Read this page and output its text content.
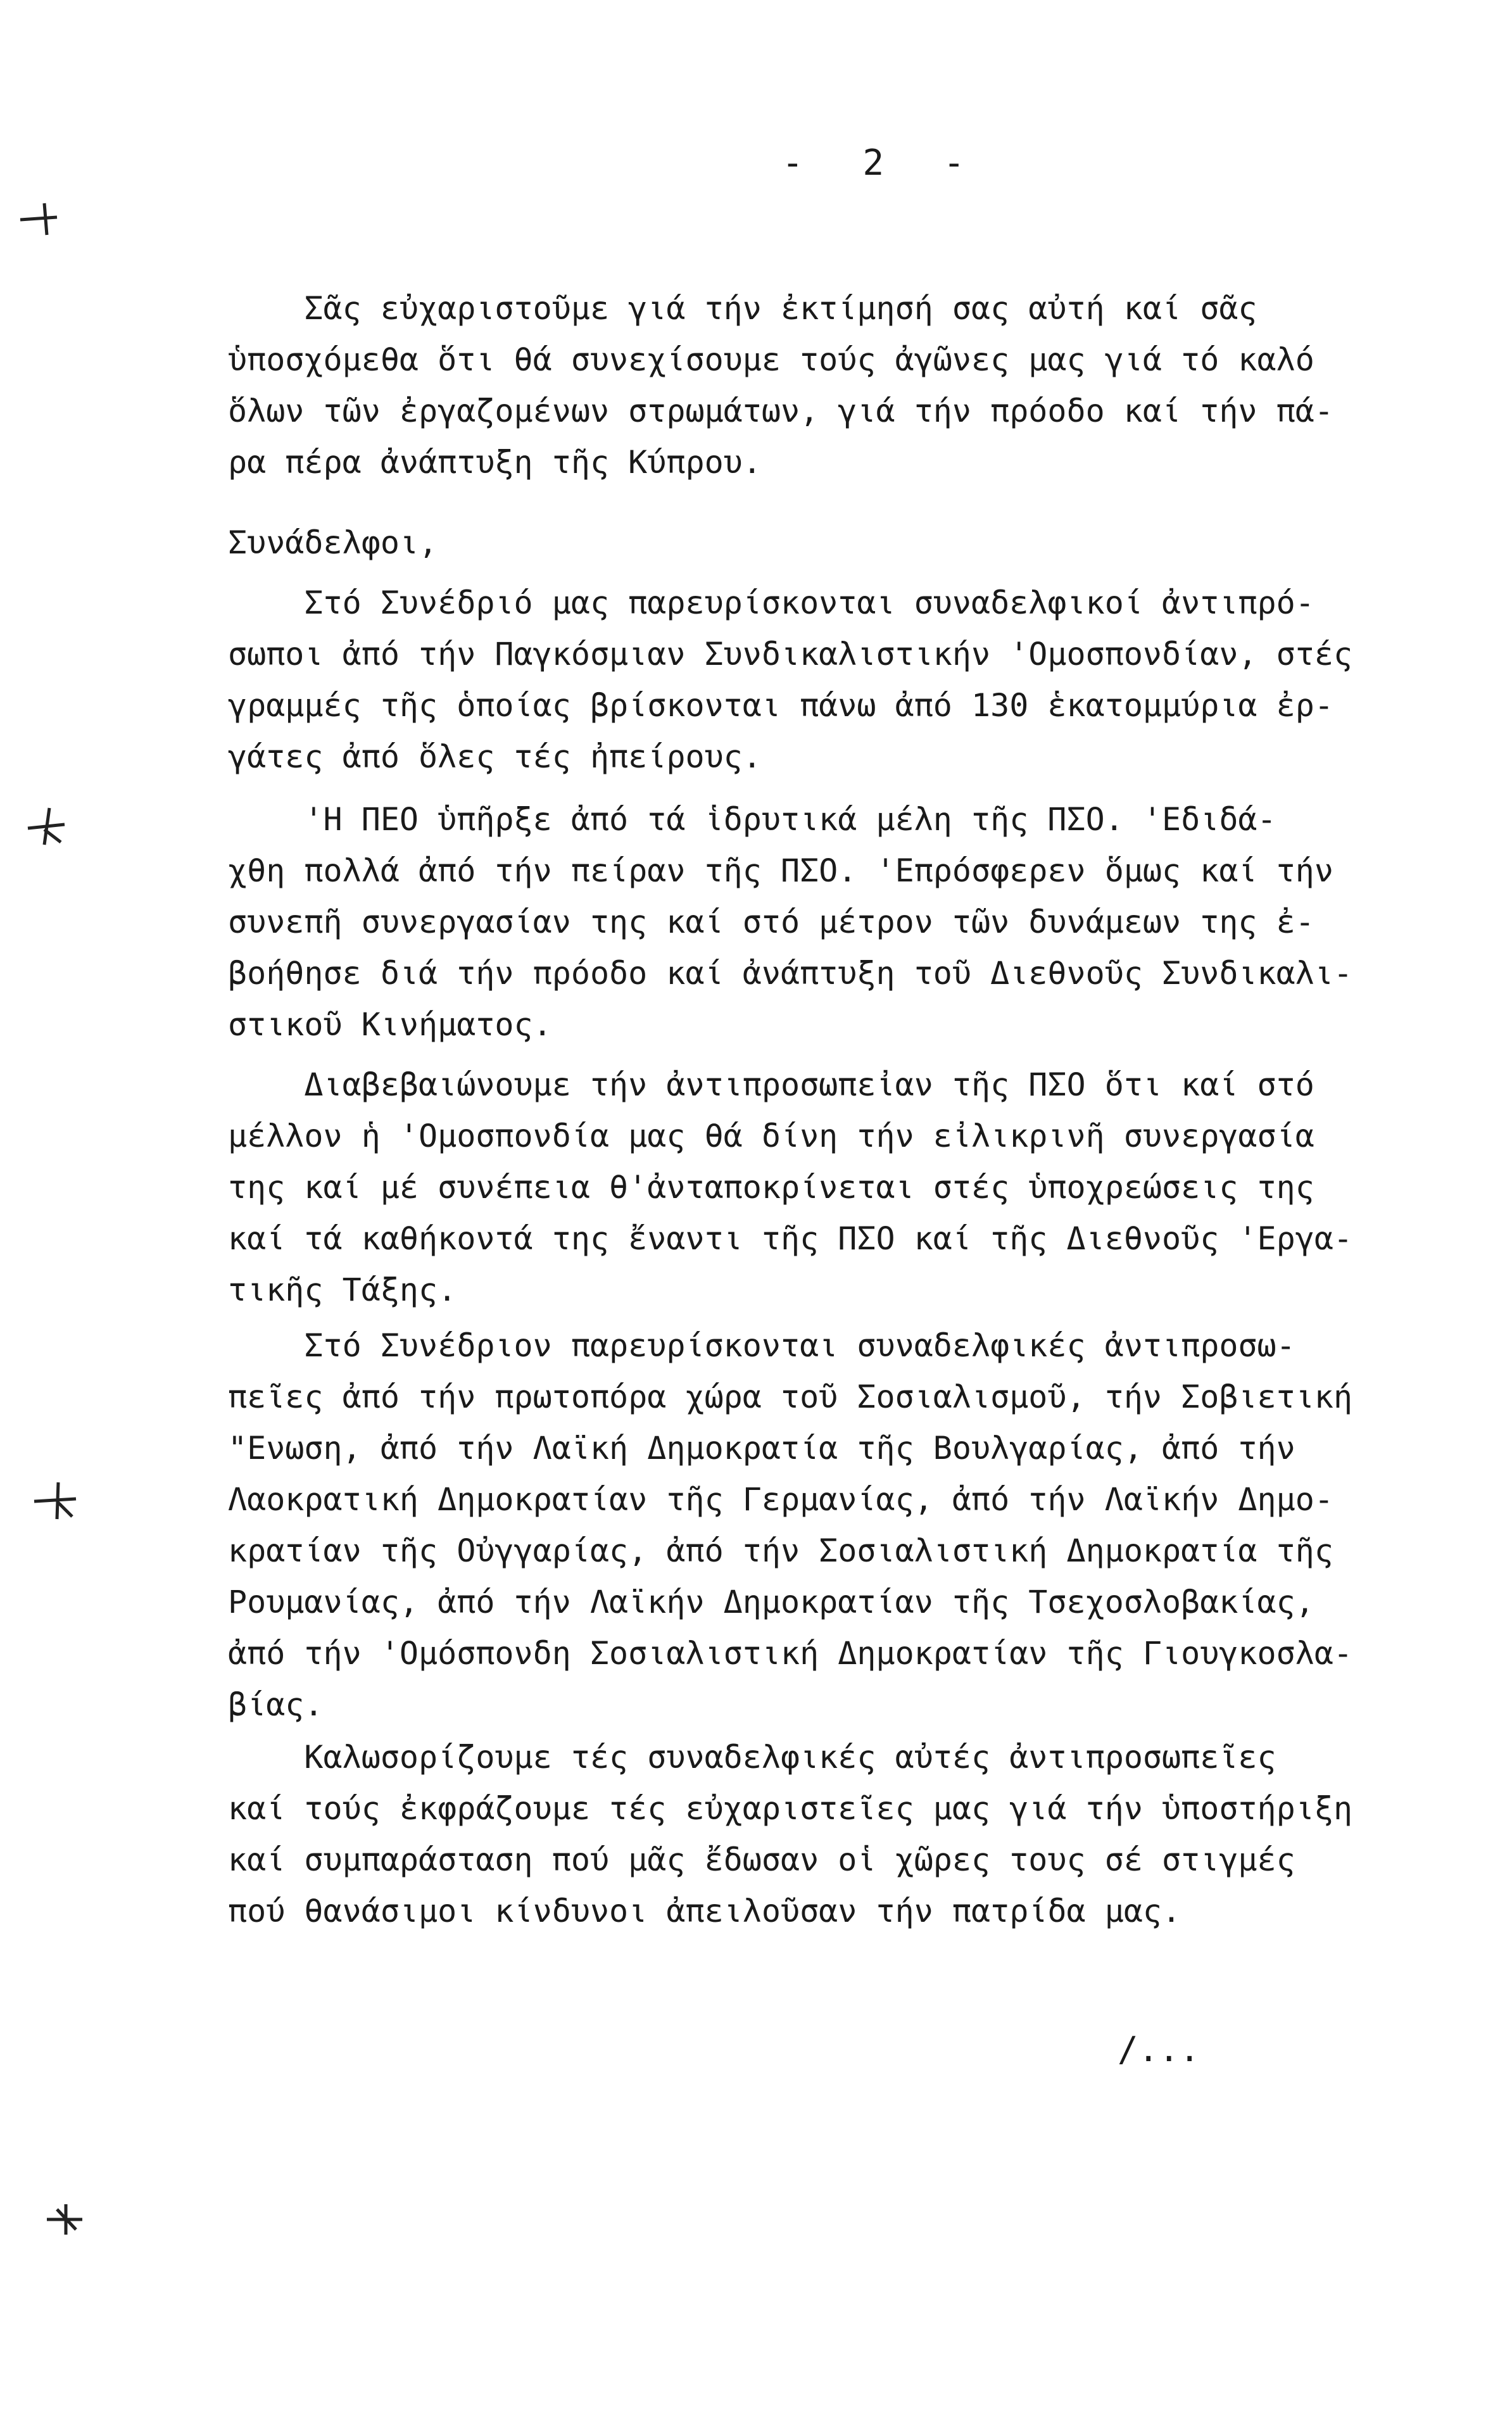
- 2 -
Σᾶς εὐχαριστοῦμε γιά τήν ἐκτίμησή σας αὐτή καί σᾶς
ὑποσχόμεθα ὅτι θά συνεχίσουμε τούς ἀγῶνες μας γιά τό καλό
ὅλων τῶν ἐργαζομένων στρωμάτων, γιά τήν πρόοδο καί τήν πά-
ρα πέρα ἀνάπτυξη τῆς Κύπρου.
Συνάδελφοι,
Στό Συνέδριό μας παρευρίσκονται συναδελφικοί ἀντιπρό-
σωποι ἀπό τήν Παγκόσμιαν Συνδικαλιστικήν 'Ομοσπονδίαν, στές
γραμμές τῆς ὁποίας βρίσκονται πάνω ἀπό 130 ἑκατομμύρια ἐρ-
γάτες ἀπό ὅλες τές ἠπείρους.
'Η ΠΕΟ ὑπῆρξε ἀπό τά ἱδρυτικά μέλη τῆς ΠΣΟ. 'Εδιδά-
χθη πολλά ἀπό τήν πείραν τῆς ΠΣΟ. 'Επρόσφερεν ὅμως καί τήν
συνεπῆ συνεργασίαν της καί στό μέτρον τῶν δυνάμεων της ἐ-
βοήθησε διά τήν πρόοδο καί ἀνάπτυξη τοῦ Διεθνοῦς Συνδικαλι-
στικοῦ Κινήματος.
Διαβεβαιώνουμε τήν ἀντιπροσωπεἰαν τῆς ΠΣΟ ὅτι καί στό
μέλλον ἡ 'Ομοσπονδία μας θά δίνη τήν εἰλικρινῆ συνεργασία
της καί μέ συνέπεια θ'ἀνταποκρίνεται στές ὑποχρεώσεις της
καί τά καθήκοντά της ἔναντι τῆς ΠΣΟ καί τῆς Διεθνοῦς 'Εργα-
τικῆς Τάξης.
Στό Συνέδριον παρευρίσκονται συναδελφικές ἀντιπροσω-
πεῖες ἀπό τήν πρωτοπόρα χώρα τοῦ Σοσιαλισμοῦ, τήν Σοβιετική
"Ενωση, ἀπό τήν Λαϊκή Δημοκρατία τῆς Βουλγαρίας, ἀπό τήν
Λαοκρατική Δημοκρατίαν τῆς Γερμανίας, ἀπό τήν Λαϊκήν Δημο-
κρατίαν τῆς Οὐγγαρίας, ἀπό τήν Σοσιαλιστική Δημοκρατία τῆς
Ρουμανίας, ἀπό τήν Λαϊκήν Δημοκρατίαν τῆς Τσεχοσλοβακίας,
ἀπό τήν 'Ομόσπονδη Σοσιαλιστική Δημοκρατίαν τῆς Γιουγκοσλα-
βίας.
Καλωσορίζουμε τές συναδελφικές αὐτές ἀντιπροσωπεῖες
καί τούς ἐκφράζουμε τές εὐχαριστεῖες μας γιά τήν ὑποστήριξη
καί συμπαράσταση πού μᾶς ἔδωσαν οἱ χῶρες τους σέ στιγμές
πού θανάσιμοι κίνδυνοι ἀπειλοῦσαν τήν πατρίδα μας.
/...
